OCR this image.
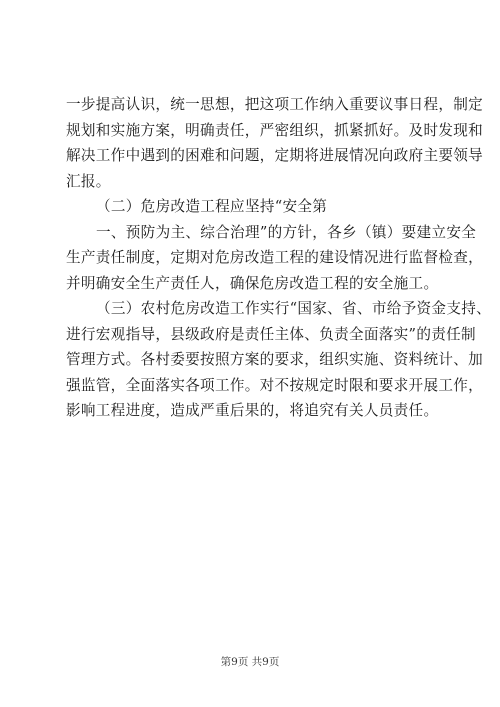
一步提高认识，统一思想，把这项工作纳入重要议事日程，制定
规划和实施方案，明确责任，严密组织，抓紧抓好。及时发现和
解决工作中遇到的困难和问题，定期将进展情况向政府主要领导
汇报。
（二）危房改造工程应坚持“安全第
一、预防为主、综合治理”的方针，各乡（镇）要建立安全
生产责任制度，定期对危房改造工程的建设情况进行监督检查，
并明确安全生产责任人，确保危房改造工程的安全施工。
（三）农村危房改造工作实行“国家、省、市给予资金支持、
进行宏观指导，县级政府是责任主体、负责全面落实”的责任制
管理方式。各村委要按照方案的要求，组织实施、资料统计、加
强监管，全面落实各项工作。对不按规定时限和要求开展工作，
影响工程进度，造成严重后果的，将追究有关人员责任。
第9页 共9页
